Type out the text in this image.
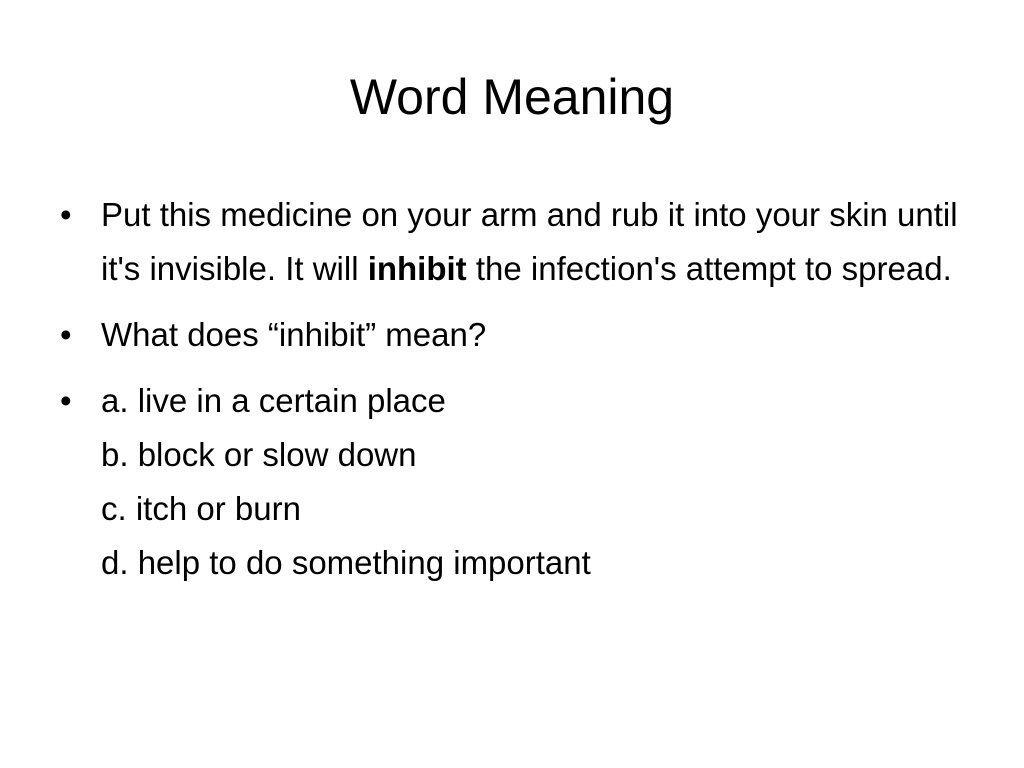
Word Meaning
• Put this medicine on your arm and rub it into your skin until it's invisible. It will inhibit the infection's attempt to spread.
• What does “inhibit” mean?
• a. live in a certain place
b. block or slow down
c. itch or burn
d. help to do something important
